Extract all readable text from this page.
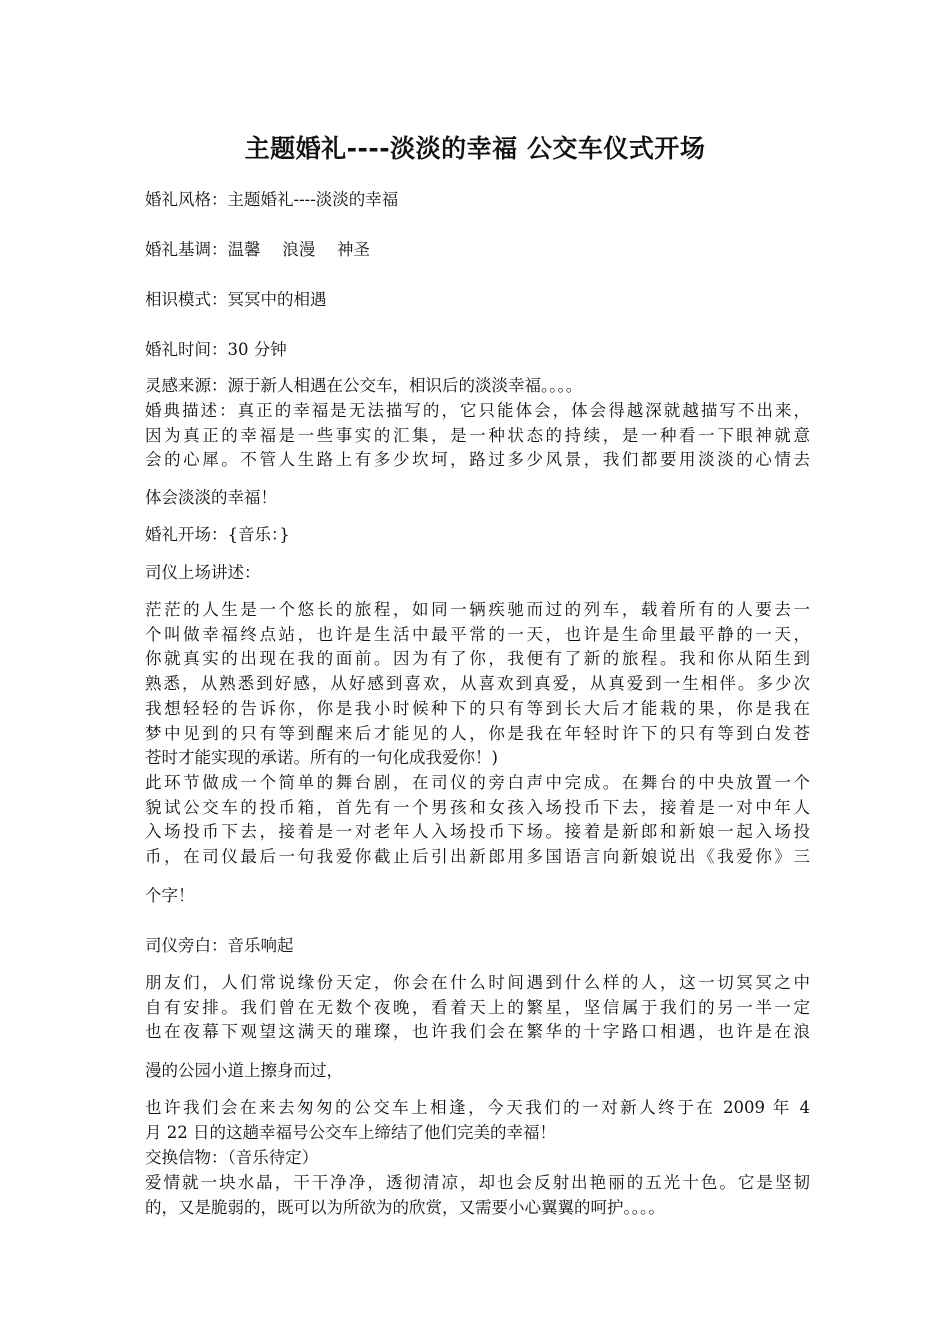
主题婚礼----淡淡的幸福 公交车仪式开场
婚礼风格：主题婚礼----淡淡的幸福
婚礼基调：温馨　 浪漫　 神圣
相识模式：冥冥中的相遇
婚礼时间：30 分钟
灵感来源：源于新人相遇在公交车，相识后的淡淡幸福。。。。
婚典描述：真正的幸福是无法描写的，它只能体会，体会得越深就越描写不出来，
因为真正的幸福是一些事实的汇集，是一种状态的持续，是一种看一下眼神就意
会的心犀。不管人生路上有多少坎坷，路过多少风景，我们都要用淡淡的心情去
体会淡淡的幸福！
婚礼开场：{音乐：}
司仪上场讲述：
茫茫的人生是一个悠长的旅程，如同一辆疾驰而过的列车，载着所有的人要去一
个叫做幸福终点站，也许是生活中最平常的一天，也许是生命里最平静的一天，
你就真实的出现在我的面前。因为有了你，我便有了新的旅程。我和你从陌生到
熟悉，从熟悉到好感，从好感到喜欢，从喜欢到真爱，从真爱到一生相伴。多少次
我想轻轻的告诉你，你是我小时候种下的只有等到长大后才能栽的果，你是我在
梦中见到的只有等到醒来后才能见的人，你是我在年轻时许下的只有等到白发苍
苍时才能实现的承诺。所有的一句化成我爱你！)
此环节做成一个简单的舞台剧，在司仪的旁白声中完成。在舞台的中央放置一个
貌试公交车的投币箱，首先有一个男孩和女孩入场投币下去，接着是一对中年人
入场投币下去，接着是一对老年人入场投币下场。接着是新郎和新娘一起入场投
币，在司仪最后一句我爱你截止后引出新郎用多国语言向新娘说出《我爱你》三
个字！
司仪旁白：音乐响起
朋友们，人们常说缘份天定，你会在什么时间遇到什么样的人，这一切冥冥之中
自有安排。我们曾在无数个夜晚，看着天上的繁星，坚信属于我们的另一半一定
也在夜幕下观望这满天的璀璨，也许我们会在繁华的十字路口相遇，也许是在浪
漫的公园小道上擦身而过，
也许我们会在来去匆匆的公交车上相逢，今天我们的一对新人终于在 2009 年 4
月 22 日的这趟幸福号公交车上缔结了他们完美的幸福！
交换信物：（音乐待定）
爱情就一块水晶，干干净净，透彻清凉，却也会反射出艳丽的五光十色。它是坚韧
的，又是脆弱的，既可以为所欲为的欣赏，又需要小心翼翼的呵护。。。。
